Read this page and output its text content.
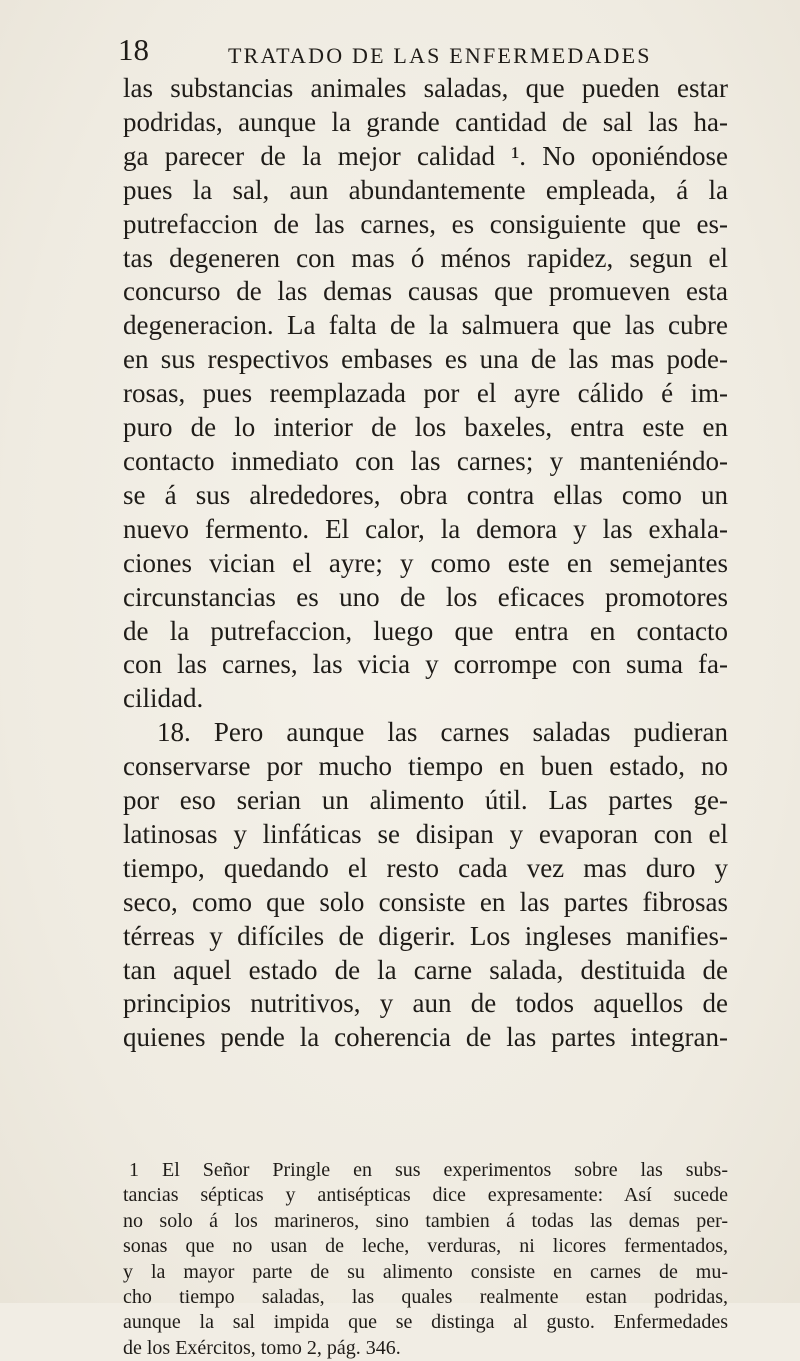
18	TRATADO DE LAS ENFERMEDADES
las substancias animales saladas, que pueden estar
podridas, aunque la grande cantidad de sal las ha-
ga parecer de la mejor calidad ¹. No oponiéndose
pues la sal, aun abundantemente empleada, á la
putrefaccion de las carnes, es consiguiente que es-
tas degeneren con mas ó ménos rapidez, segun el
concurso de las demas causas que promueven esta
degeneracion. La falta de la salmuera que las cubre
en sus respectivos embases es una de las mas pode-
rosas, pues reemplazada por el ayre cálido é im-
puro de lo interior de los baxeles, entra este en
contacto inmediato con las carnes; y manteniéndo-
se á sus alrededores, obra contra ellas como un
nuevo fermento. El calor, la demora y las exhala-
ciones vician el ayre; y como este en semejantes
circunstancias es uno de los eficaces promotores
de la putrefaccion, luego que entra en contacto
con las carnes, las vicia y corrompe con suma fa-
cilidad.
18. Pero aunque las carnes saladas pudieran
conservarse por mucho tiempo en buen estado, no
por eso serian un alimento útil. Las partes ge-
latinosas y linfáticas se disipan y evaporan con el
tiempo, quedando el resto cada vez mas duro y
seco, como que solo consiste en las partes fibrosas
térreas y difíciles de digerir. Los ingleses manifies-
tan aquel estado de la carne salada, destituida de
principios nutritivos, y aun de todos aquellos de
quienes pende la coherencia de las partes integran-
1 El Señor Pringle en sus experimentos sobre las subs-
tancias sépticas y antisépticas dice expresamente: Así sucede
no solo á los marineros, sino tambien á todas las demas per-
sonas que no usan de leche, verduras, ni licores fermentados,
y la mayor parte de su alimento consiste en carnes de mu-
cho tiempo saladas, las quales realmente estan podridas,
aunque la sal impida que se distinga al gusto. Enfermedades
de los Exércitos, tomo 2, pág. 346.
